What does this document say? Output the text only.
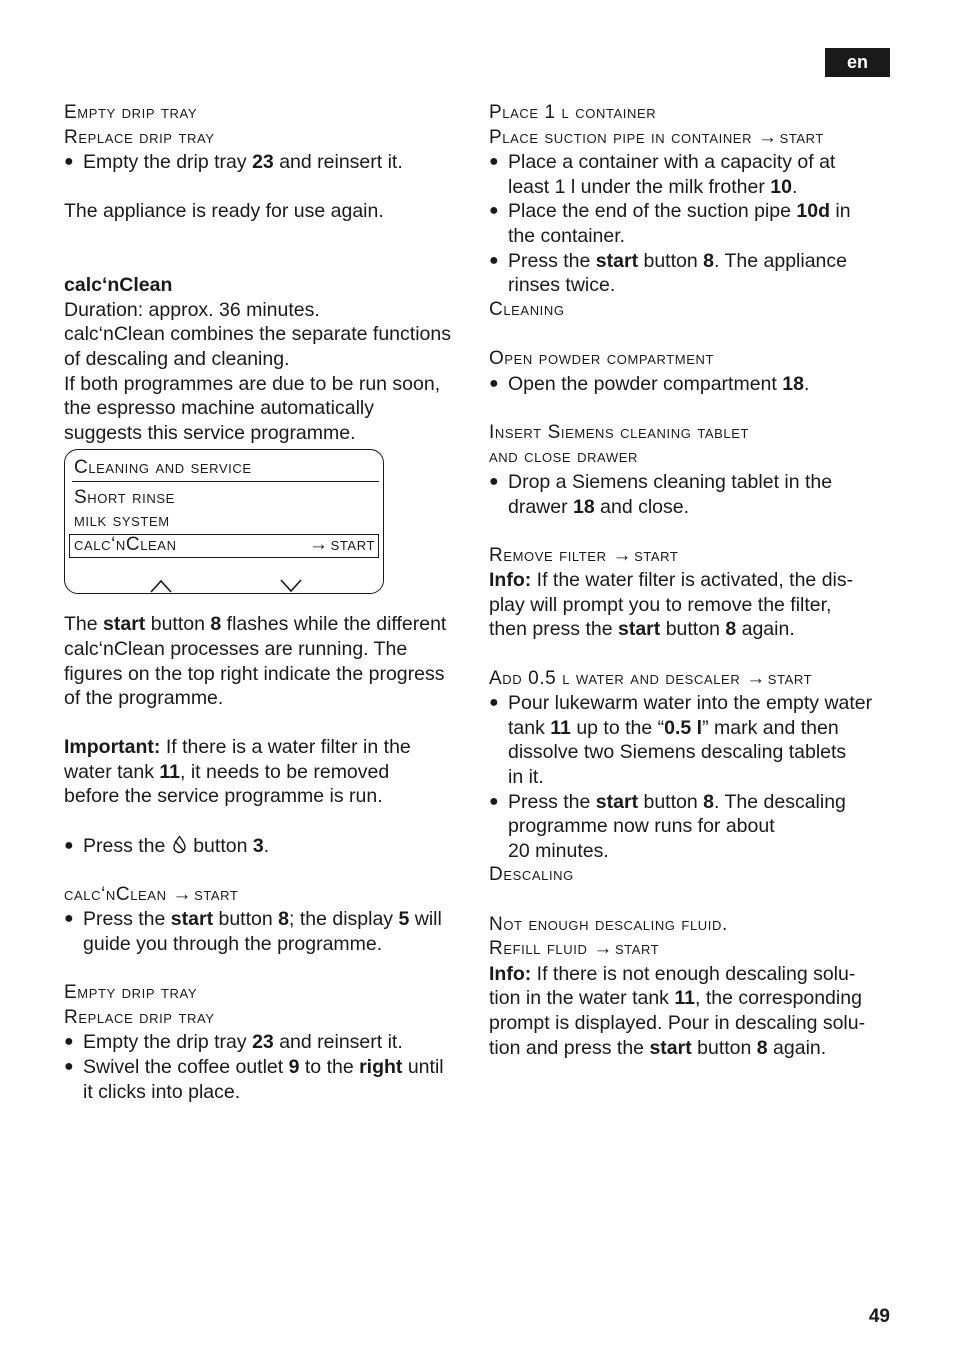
en
Empty drip tray
Replace drip tray
● Empty the drip tray 23 and reinsert it.
The appliance is ready for use again.
calc‘nClean
Duration: approx. 36 minutes.
calc‘nClean combines the separate functions
of descaling and cleaning.
If both programmes are due to be run soon,
the espresso machine automatically
suggests this service programme.
Cleaning and service
Short rinse
milk system
calc‘nClean	→ start
The start button 8 flashes while the different
calc‘nClean processes are running. The
figures on the top right indicate the progress
of the programme.
Important: If there is a water filter in the
water tank 11, it needs to be removed
before the service programme is run.
● Press the  button 3.
calc‘nClean → start
● Press the start button 8; the display 5 will
guide you through the programme.
Empty drip tray
Replace drip tray
● Empty the drip tray 23 and reinsert it.
● Swivel the coffee outlet 9 to the right until
it clicks into place.
Place 1 l container
Place suction pipe in container → start
● Place a container with a capacity of at
least 1 l under the milk frother 10.
● Place the end of the suction pipe 10d in
the container.
● Press the start button 8. The appliance
rinses twice.
Cleaning
Open powder compartment
● Open the powder compartment 18.
Insert Siemens cleaning tablet
and close drawer
● Drop a Siemens cleaning tablet in the
drawer 18 and close.
Remove filter → start
Info: If the water filter is activated, the dis-
play will prompt you to remove the filter,
then press the start button 8 again.
Add 0.5 l water and descaler → start
● Pour lukewarm water into the empty water
tank 11 up to the “0.5 l” mark and then
dissolve two Siemens descaling tablets
in it.
● Press the start button 8. The descaling
programme now runs for about
20 minutes.
Descaling
Not enough descaling fluid.
Refill fluid → start
Info: If there is not enough descaling solu-
tion in the water tank 11, the corresponding
prompt is displayed. Pour in descaling solu-
tion and press the start button 8 again.
49
